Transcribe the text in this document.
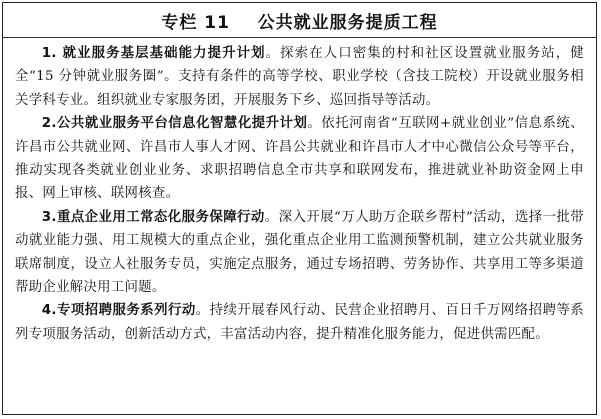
专栏 11
公共就业服务提质工程

1. 就业服务基层基础能力提升计划。探索在人口密集的村和社区设置就业服务站，健全“15 分钟就业服务圈”。支持有条件的高等学校、职业学校（含技工院校）开设就业服务相关学科专业。组织就业专家服务团，开展服务下乡、巡回指导等活动。

2.公共就业服务平台信息化智慧化提升计划。依托河南省“互联网+就业创业”信息系统、许昌市公共就业网、许昌市人事人才网、许昌公共就业和许昌市人才中心微信公众号等平台，推动实现各类就业创业业务、求职招聘信息全市共享和联网发布，推进就业补助资金网上申报、网上审核、联网核查。

3.重点企业用工常态化服务保障行动。深入开展“万人助万企联乡帮村”活动，选择一批带动就业能力强、用工规模大的重点企业，强化重点企业用工监测预警机制，建立公共就业服务联席制度，设立人社服务专员，实施定点服务，通过专场招聘、劳务协作、共享用工等多渠道帮助企业解决用工问题。

4.专项招聘服务系列行动。持续开展春风行动、民营企业招聘月、百日千万网络招聘等系列专项服务活动，创新活动方式，丰富活动内容，提升精准化服务能力，促进供需匹配。
